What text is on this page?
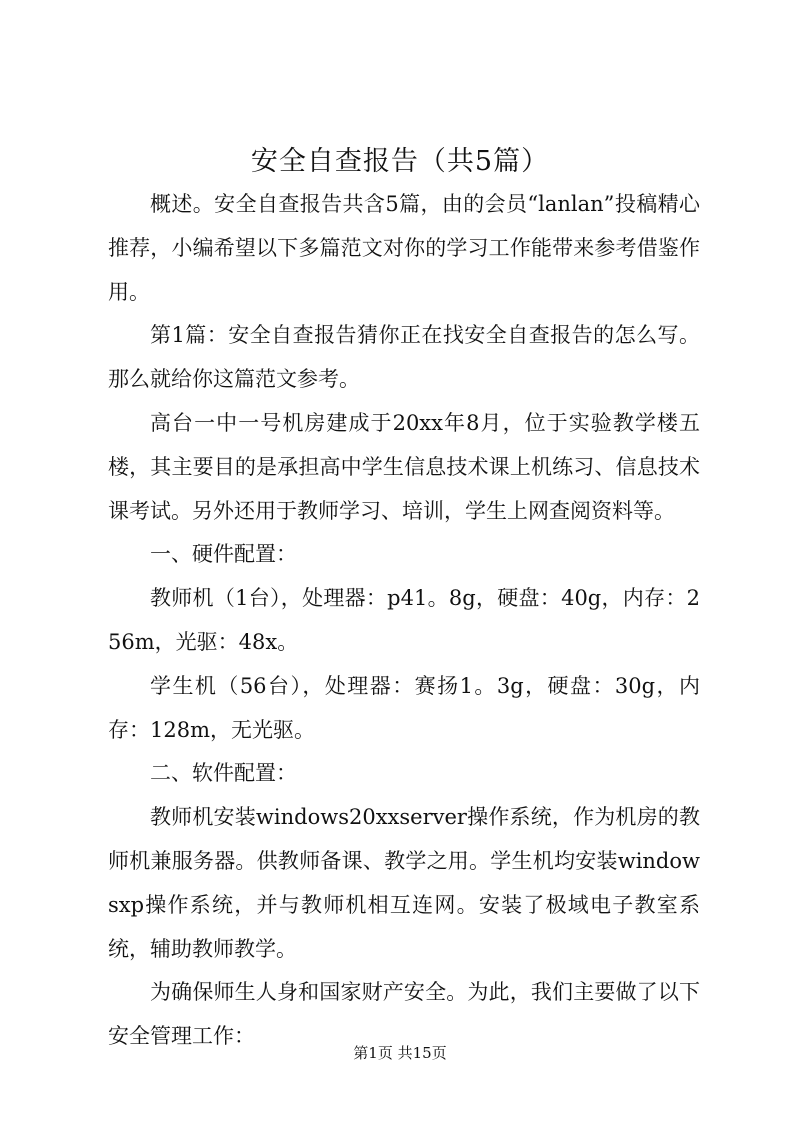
安全自查报告（共5篇）

概述。安全自查报告共含5篇，由的会员“lanlan”投稿精心推荐，小编希望以下多篇范文对你的学习工作能带来参考借鉴作用。

第1篇：安全自查报告猜你正在找安全自查报告的怎么写。那么就给你这篇范文参考。

高台一中一号机房建成于20xx年8月，位于实验教学楼五楼，其主要目的是承担高中学生信息技术课上机练习、信息技术课考试。另外还用于教师学习、培训，学生上网查阅资料等。

一、硬件配置：

教师机（1台），处理器：p41。8g，硬盘：40g，内存：256m，光驱：48x。

学生机（56台），处理器：赛扬1。3g，硬盘：30g，内存：128m，无光驱。

二、软件配置：

教师机安装windows20xxserver操作系统，作为机房的教师机兼服务器。供教师备课、教学之用。学生机均安装windowsxp操作系统，并与教师机相互连网。安装了极域电子教室系统，辅助教师教学。

为确保师生人身和国家财产安全。为此，我们主要做了以下安全管理工作：

第1页 共15页
